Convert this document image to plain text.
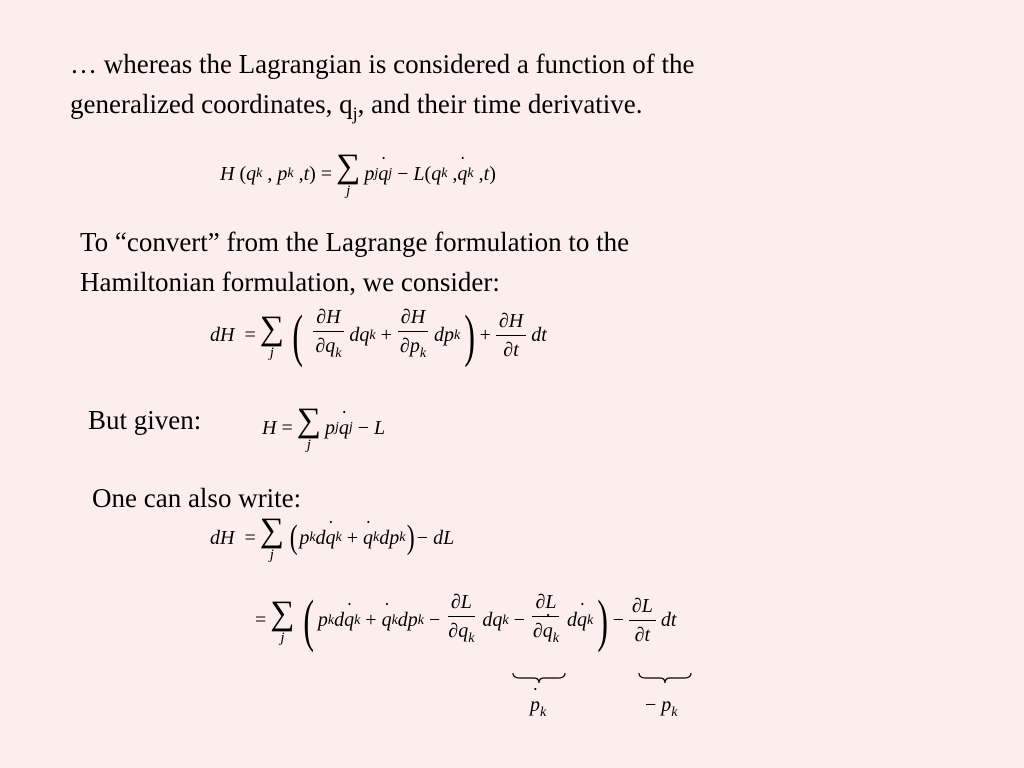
… whereas the Lagrangian is considered a function of the

generalized coordinates, $q_j$, and their time derivative.

H ( q k , p k , t ) = ∑
j
p j ˙ q j − L ( q k , ˙ q k , t )

To “convert” from the Lagrange formulation to the

Hamiltonian formulation, we consider:

dH = ∑
j ( $\frac{\partial H}{\partial q_k}$ dq $k + \frac{\partial H}{\partial p_k}$ dp k ) + $\frac{\partial H}{\partial t}$ dt

But given:	H = ∑
j
p j ˙ q j − L

One can also write:

dH = ∑
j ( p k d ˙ q k + ˙ q k dp k ) − dL
= ∑
j ( p k d ˙ q k + ˙ q k dp $k - \frac{\partial L}{\partial q_k}$ dq $k - \frac{\partial L}{\partial˙ q_k}$ d ˙ q k ) − $\frac{\partial L}{\partial t}$ dt
˙ $p_k$	− $p_k$
